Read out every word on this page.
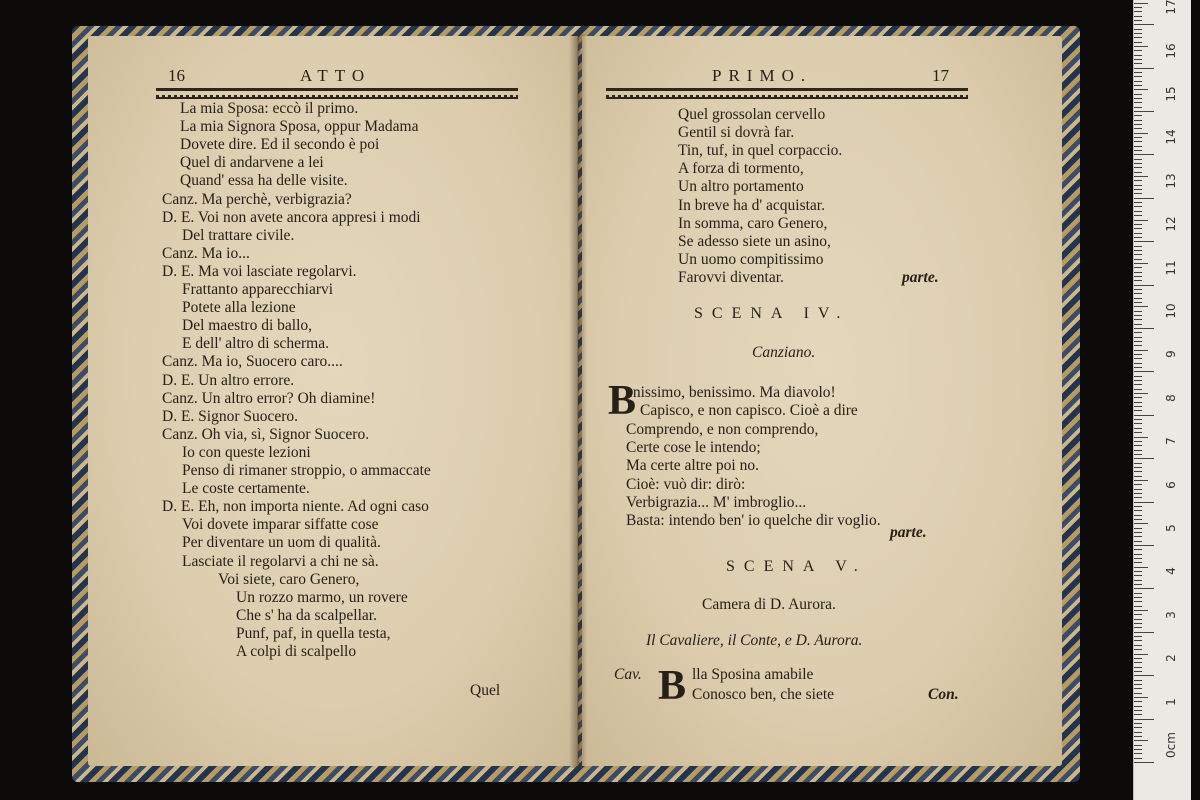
16	ATTO
La mia Sposa: eccò il primo.
La mia Signora Sposa, oppur Madama
Dovete dire. Ed il secondo è poi
Quel di andarvene a lei
Quand' essa ha delle visite.
Canz. Ma perchè, verbigrazia?
D. E. Voi non avete ancora appresi i modi
Del trattare civile.
Canz. Ma io...
D. E. Ma voi lasciate regolarvi.
Frattanto apparecchiarvi
Potete alla lezione
Del maestro di ballo,
E dell' altro di scherma.
Canz. Ma io, Suocero caro....
D. E. Un altro errore.
Canz. Un altro error? Oh diamine!
D. E. Signor Suocero.
Canz. Oh via, sì, Signor Suocero.
Io con queste lezioni
Penso di rimaner stroppio, o ammaccate
Le coste certamente.
D. E. Eh, non importa niente. Ad ogni caso
Voi dovete imparar siffatte cose
Per diventare un uom di qualità.
Lasciate il regolarvi a chi ne sà.
Voi siete, caro Genero,
Un rozzo marmo, un rovere
Che s' ha da scalpellar.
Punf, paf, in quella testa,
A colpi di scalpello
Quel
PRIMO.	17
Quel grossolan cervello
Gentil si dovrà far.
Tin, tuf, in quel corpaccio.
A forza di tormento,
Un altro portamento
In breve ha d' acquistar.
In somma, caro Genero,
Se adesso siete un asino,
Un uomo compitissimo
Farovvi diventar.	parte.
SCENA IV.
Canziano.
B
enissimo, benissimo. Ma diavolo!
Capisco, e non capisco. Cioè a dire
Comprendo, e non comprendo,
Certe cose le intendo;
Ma certe altre poi no.
Cioè: vuò dir: dirò:
Verbigrazia... M' imbroglio...
Basta: intendo ben' io quelche dir voglio.
parte.
SCENA V.
Camera di D. Aurora.
Il Cavaliere, il Conte, e D. Aurora.
Cav. B lla Sposina amabile
Conosco ben, che siete	Con.
0cm
1
2
3
4
5
6
7
8
9
10
11
12
13
14
15
16
17
